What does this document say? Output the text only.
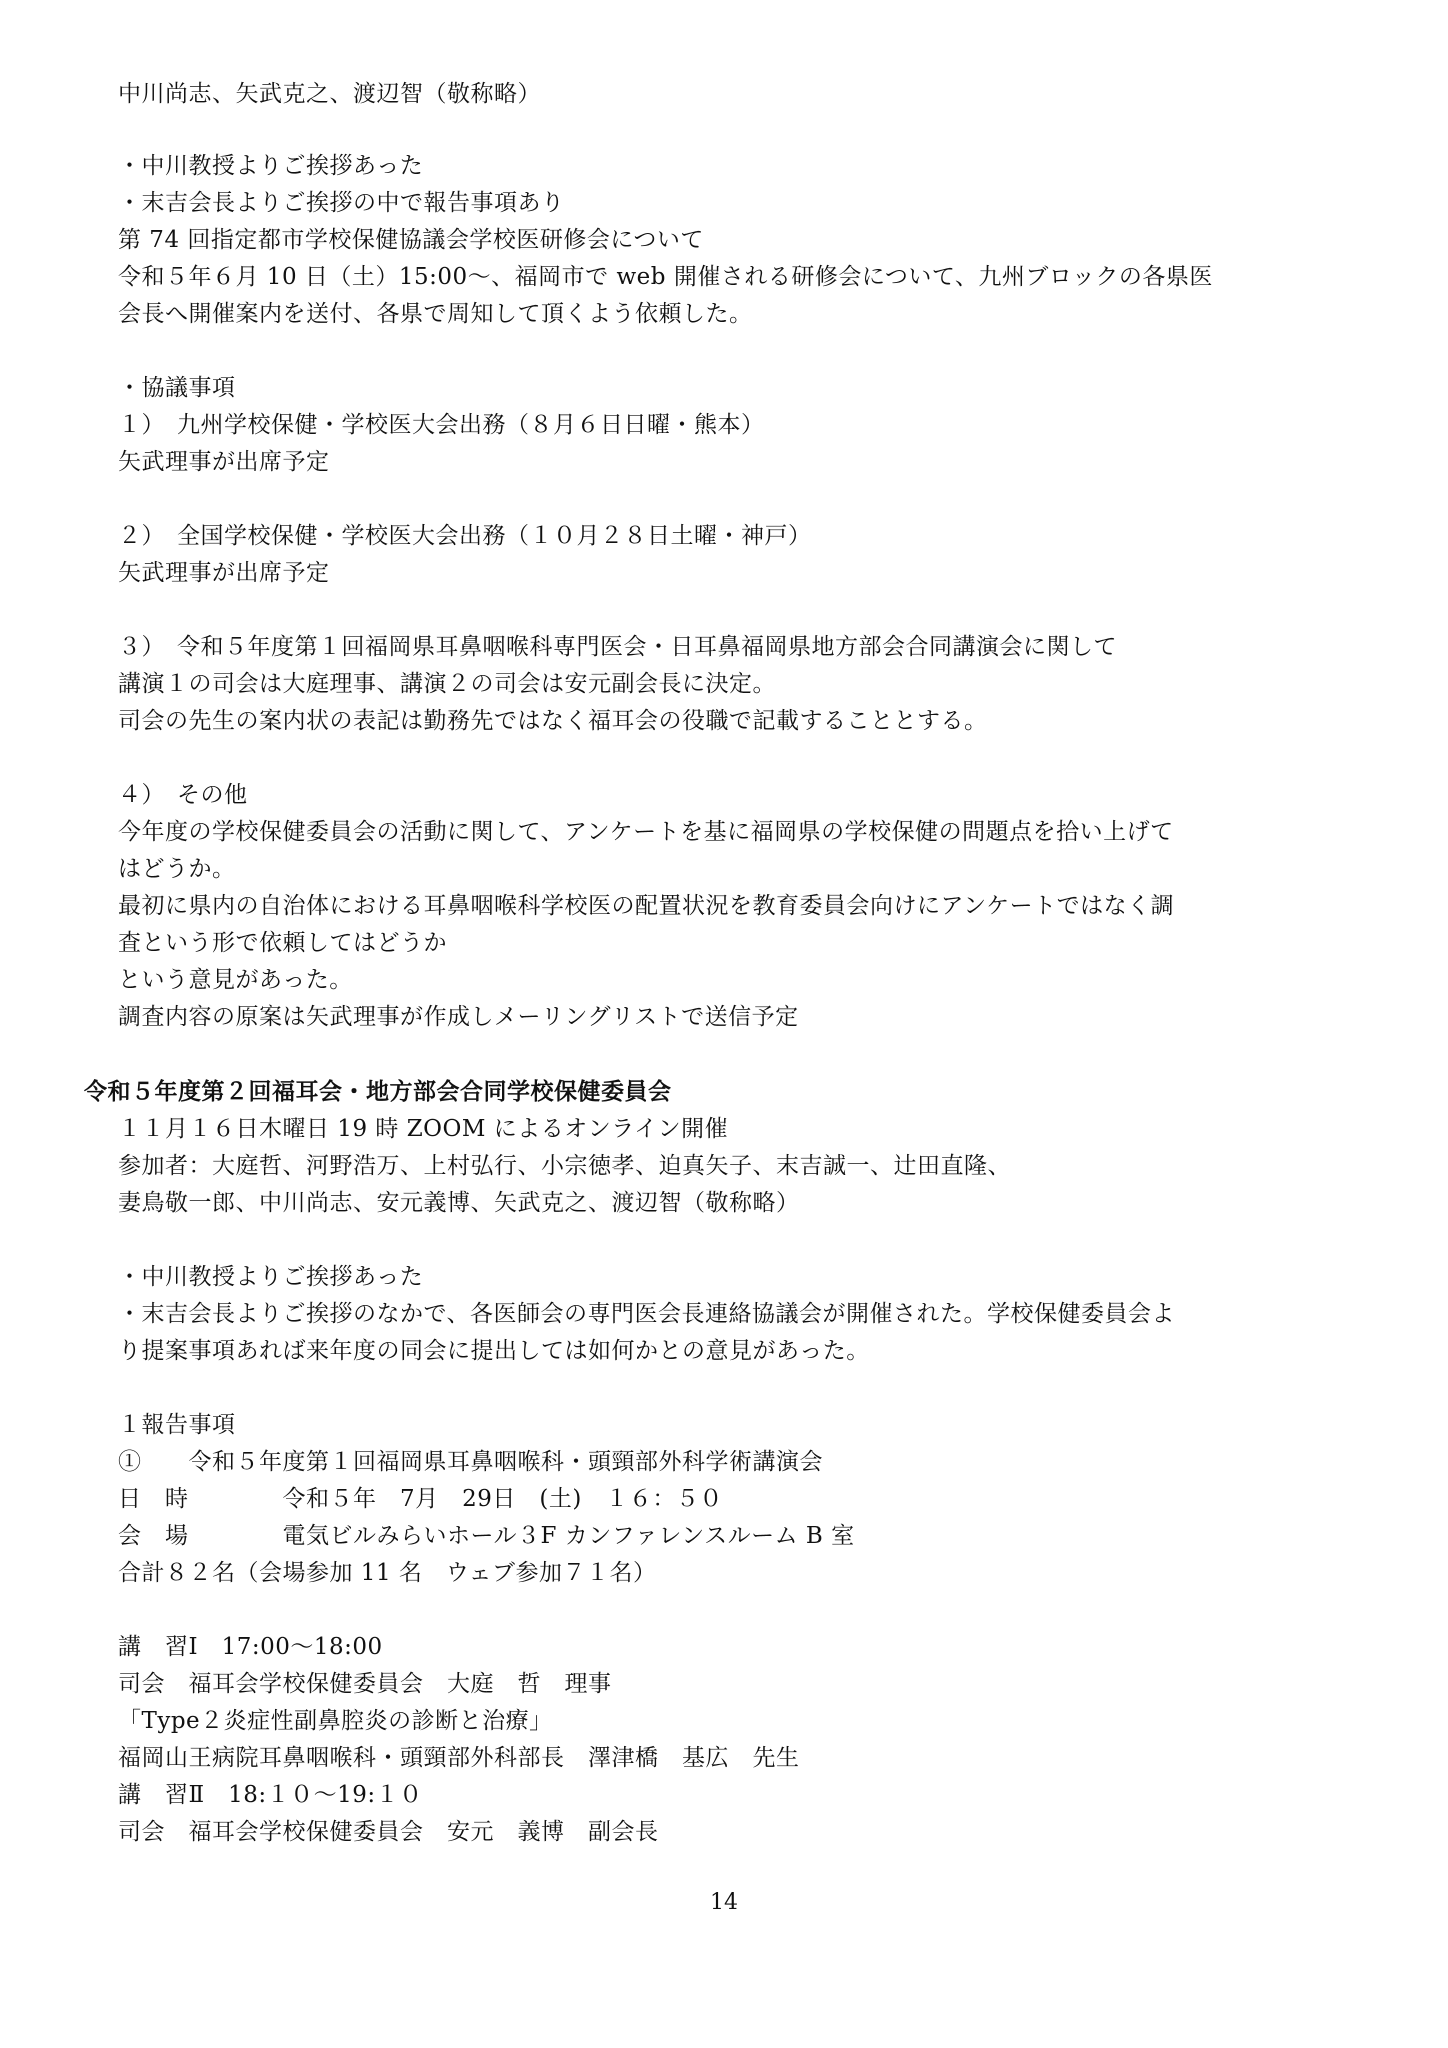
中川尚志、矢武克之、渡辺智（敬称略）
・中川教授よりご挨拶あった
・末吉会長よりご挨拶の中で報告事項あり
第 74 回指定都市学校保健協議会学校医研修会について
令和５年６月 10 日（土）15:00～、福岡市で web 開催される研修会について、九州ブロックの各県医
会長へ開催案内を送付、各県で周知して頂くよう依頼した。
・協議事項
１）　九州学校保健・学校医大会出務（８月６日日曜・熊本）
矢武理事が出席予定
２）　全国学校保健・学校医大会出務（１０月２８日土曜・神戸）
矢武理事が出席予定
３）　令和５年度第１回福岡県耳鼻咽喉科専門医会・日耳鼻福岡県地方部会合同講演会に関して
講演１の司会は大庭理事、講演２の司会は安元副会長に決定。
司会の先生の案内状の表記は勤務先ではなく福耳会の役職で記載することとする。
４）　その他
今年度の学校保健委員会の活動に関して、アンケートを基に福岡県の学校保健の問題点を拾い上げて
はどうか。
最初に県内の自治体における耳鼻咽喉科学校医の配置状況を教育委員会向けにアンケートではなく調
査という形で依頼してはどうか
という意見があった。
調査内容の原案は矢武理事が作成しメーリングリストで送信予定
令和５年度第２回福耳会・地方部会合同学校保健委員会
１１月１６日木曜日 19 時 ZOOM によるオンライン開催
参加者：大庭哲、河野浩万、上村弘行、小宗徳孝、迫真矢子、末吉誠一、辻田直隆、
妻鳥敬一郎、中川尚志、安元義博、矢武克之、渡辺智（敬称略）
・中川教授よりご挨拶あった
・末吉会長よりご挨拶のなかで、各医師会の専門医会長連絡協議会が開催された。学校保健委員会よ
り提案事項あれば来年度の同会に提出しては如何かとの意見があった。
１報告事項
①　　令和５年度第１回福岡県耳鼻咽喉科・頭頸部外科学術講演会
日　時　　　　令和５年　7月　29日　(土)　１６：５０
会　場　　　　電気ビルみらいホール３F カンファレンスルーム B 室
合計８２名（会場参加 11 名　ウェブ参加７１名）
講　習Ⅰ　17:00～18:00
司会　福耳会学校保健委員会　大庭　哲　理事
「Type２炎症性副鼻腔炎の診断と治療」
福岡山王病院耳鼻咽喉科・頭頸部外科部長　澤津橋　基広　先生
講　習Ⅱ　18:１０～19:１０
司会　福耳会学校保健委員会　安元　義博　副会長
14
